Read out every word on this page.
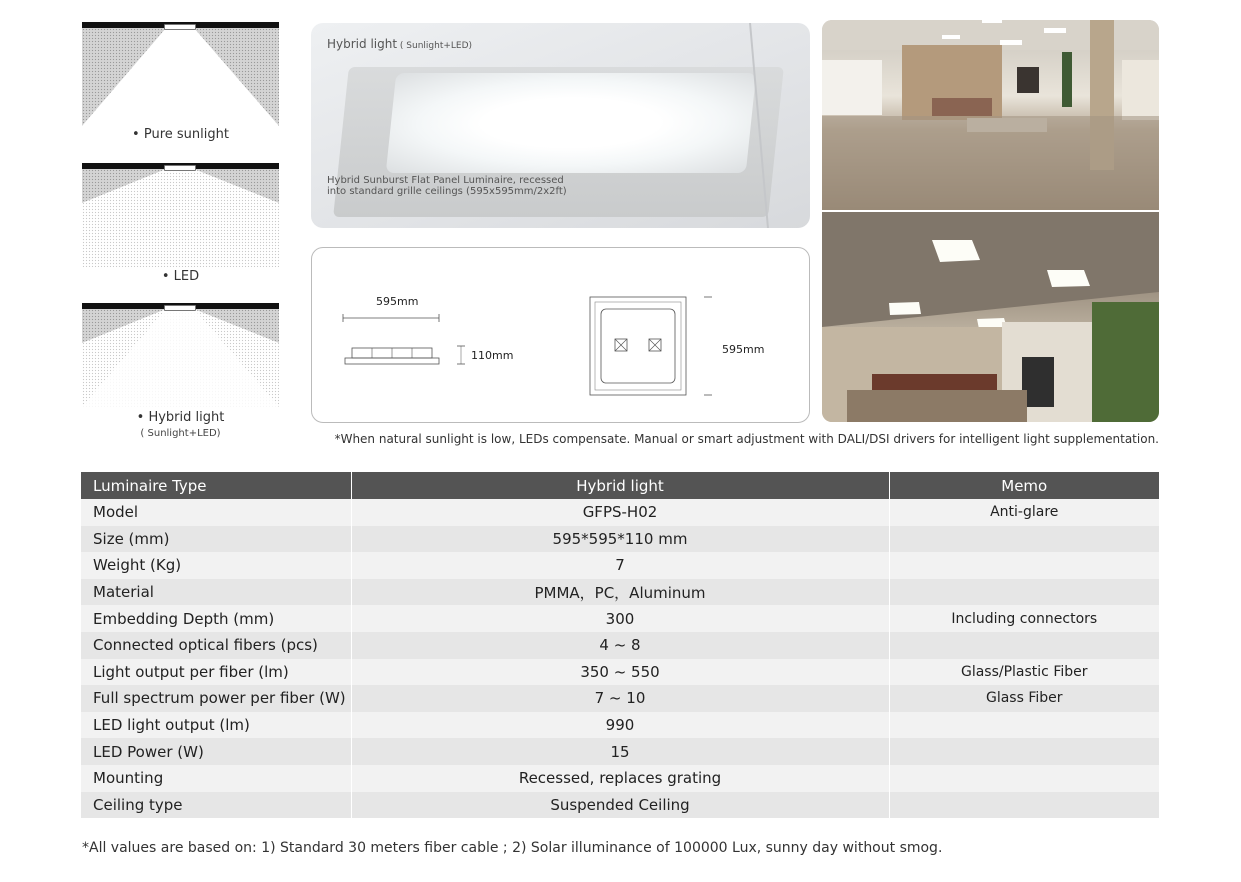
• Pure sunlight
• LED
• Hybrid light
( Sunlight+LED)
Hybrid light ( Sunlight+LED)
Hybrid Sunburst Flat Panel Luminaire, recessed into standard grille ceilings (595x595mm/2x2ft)
595mm
110mm	595mm
*When natural sunlight is low, LEDs compensate. Manual or smart adjustment with DALI/DSI drivers for intelligent light supplementation.
Luminaire Type	Hybrid light	Memo
Model	GFPS-H02	Anti-glare
Size (mm)	595*595*110 mm	
Weight (Kg)	7	
Material	PMMA，PC，Aluminum	
Embedding Depth (mm)	300	Including connectors
Connected optical fibers (pcs)	4 ~ 8	
Light output per fiber (lm)	350 ~ 550	Glass/Plastic Fiber
Full spectrum power per fiber (W)	7 ~ 10	Glass Fiber
LED light output (lm)	990	
LED Power (W)	15	
Mounting	Recessed, replaces grating	
Ceiling type	Suspended Ceiling	
*All values are based on: 1) Standard 30 meters fiber cable ; 2) Solar illuminance of 100000 Lux, sunny day without smog.
